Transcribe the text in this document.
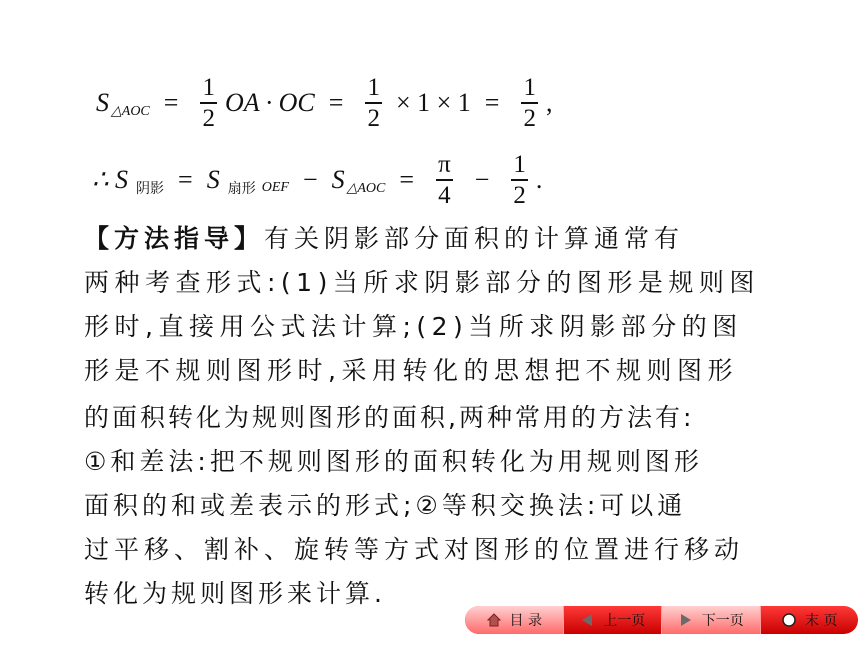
S △AOC = $\frac{1}{2}$ OA · OC = $\frac{1}{2} \times 1 \times 1 = \frac{1}{2}$ ,
∴ S 阴影 = S 扇形 OEF − S △AOC = $\frac{\pi}{4} - \frac{1}{2}$ .
【方法指导】有关阴影部分面积的计算通常有
两种考查形式:(1)当所求阴影部分的图形是规则图
形时,直接用公式法计算;(2)当所求阴影部分的图
形是不规则图形时,采用转化的思想把不规则图形
的面积转化为规则图形的面积,两种常用的方法有:
①和差法:把不规则图形的面积转化为用规则图形
面积的和或差表示的形式;②等积交换法:可以通
过平移、割补、旋转等方式对图形的位置进行移动
转化为规则图形来计算.
目 录	上一页	下一页	末 页
